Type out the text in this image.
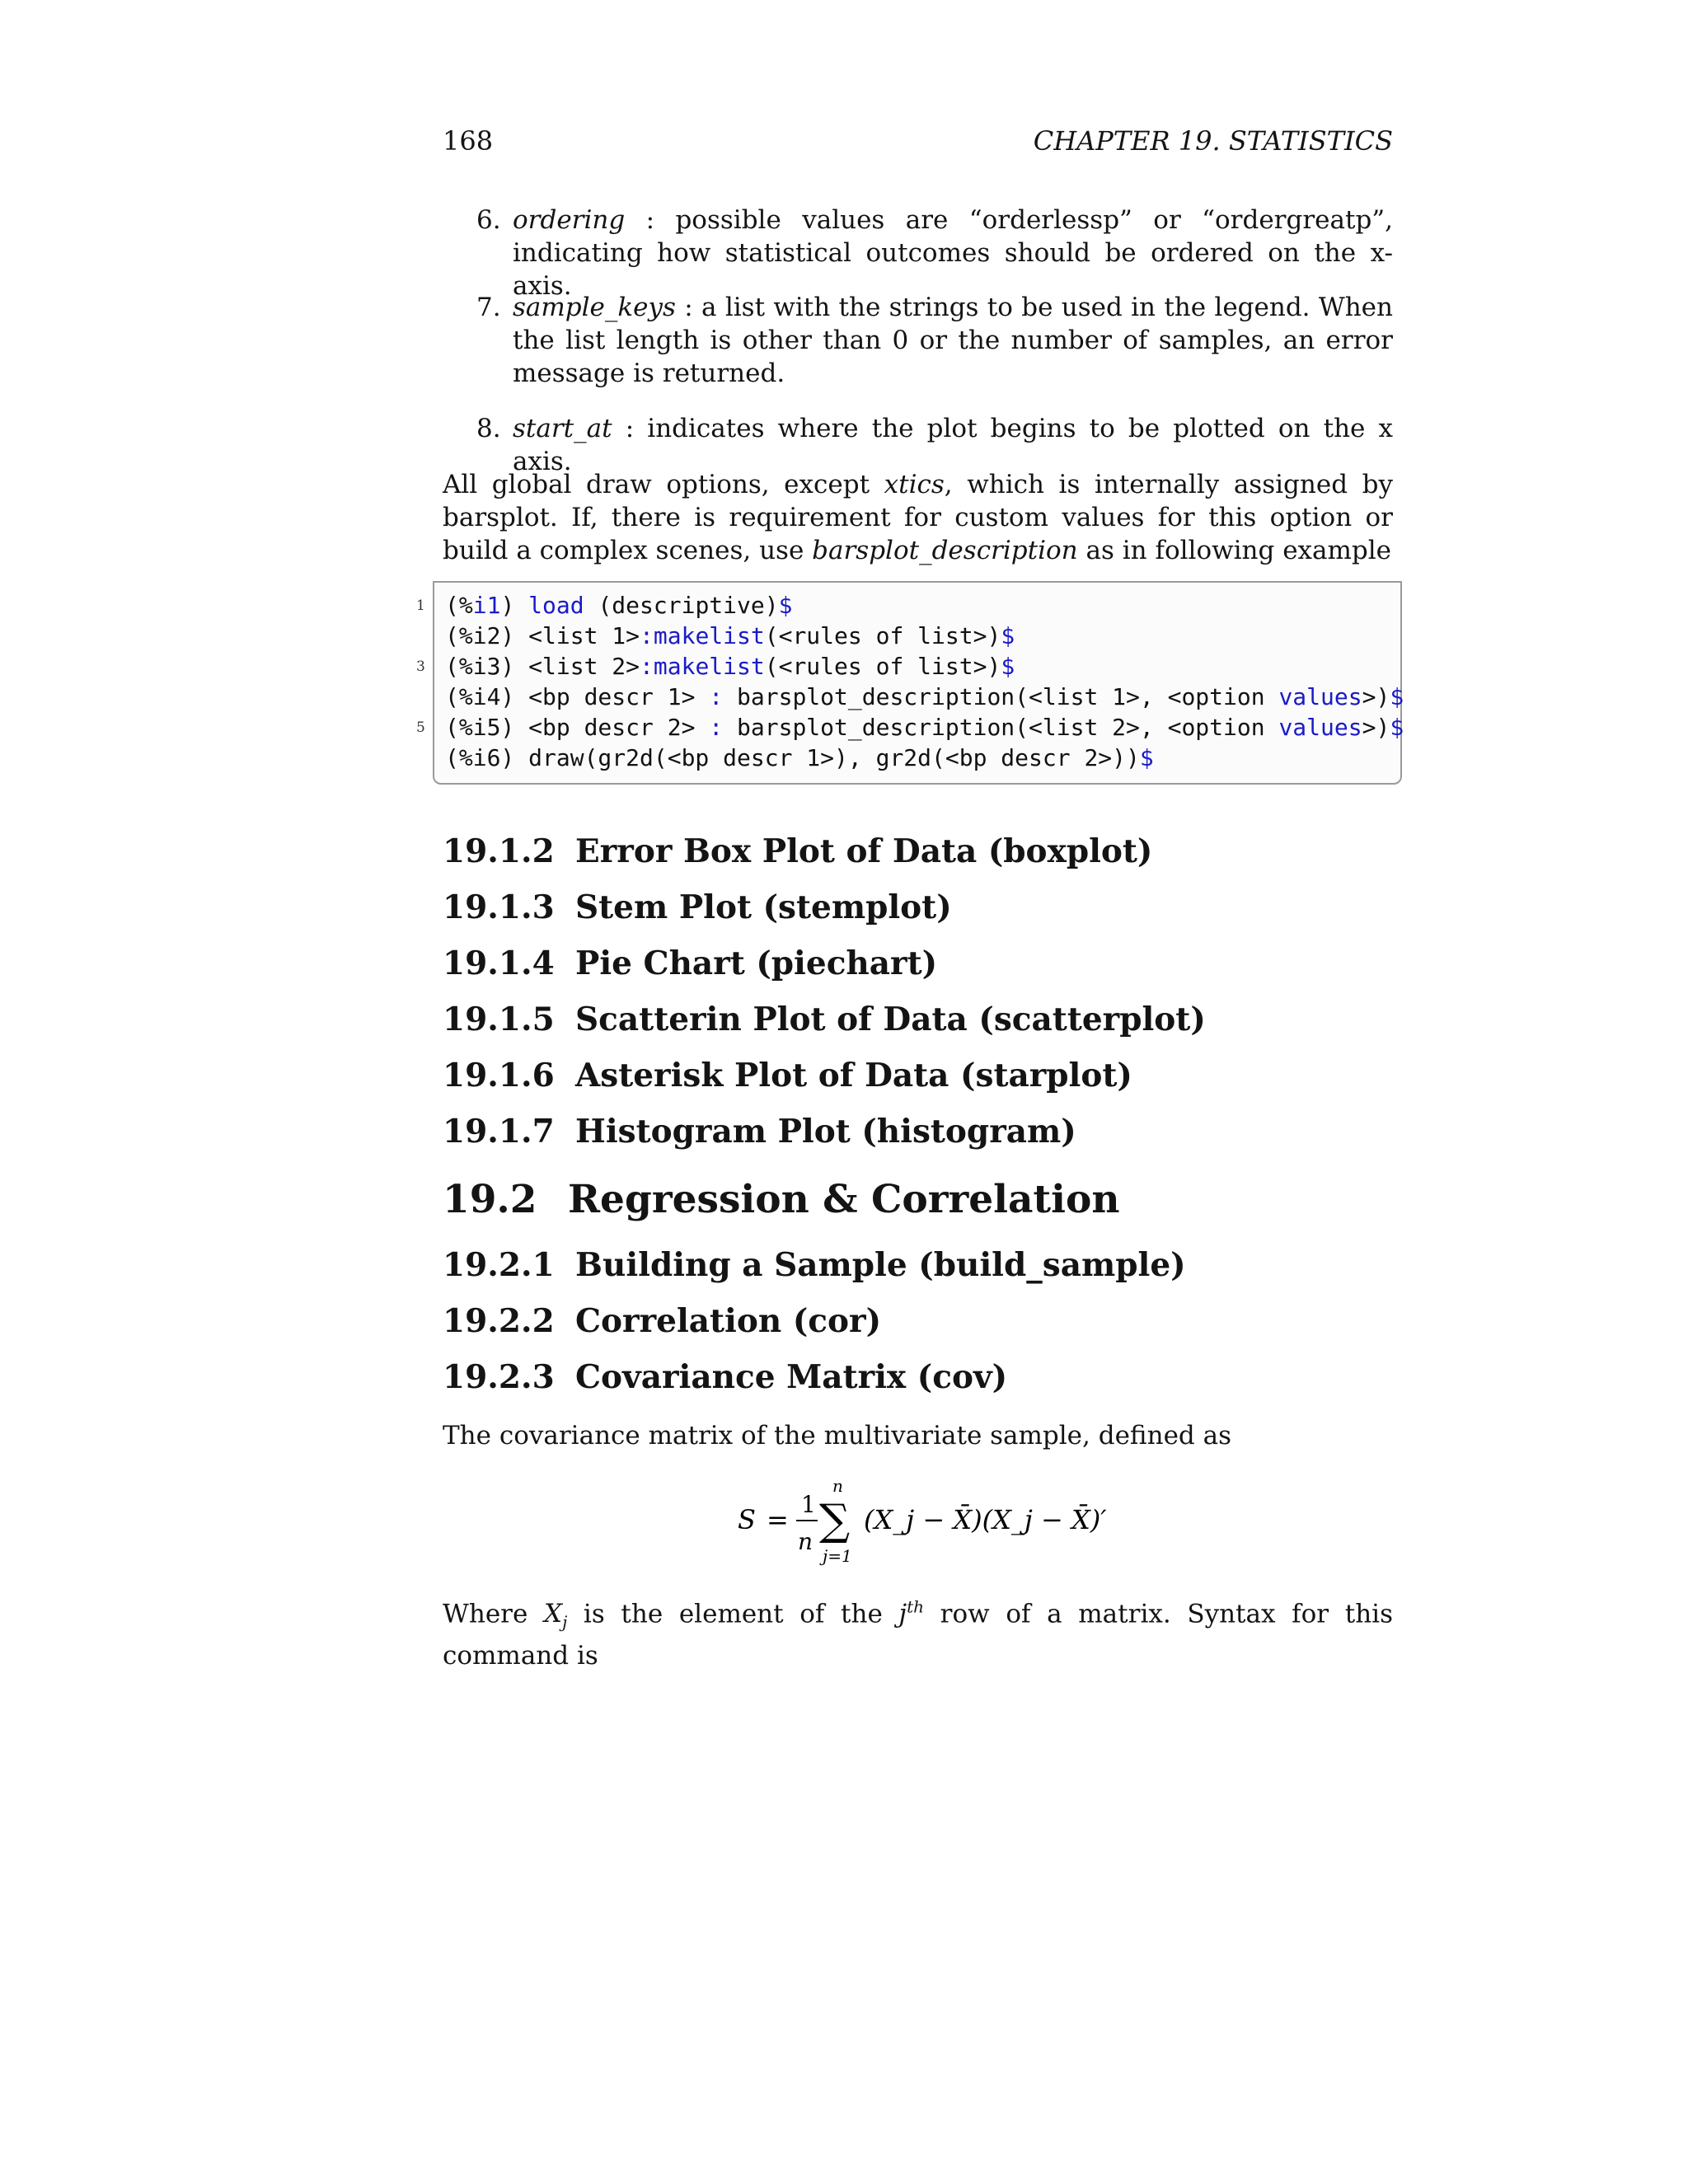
168	CHAPTER 19. STATISTICS
6. ordering : possible values are “orderlessp” or “ordergreatp”, indicating how statistical outcomes should be ordered on the x-axis.
7. sample_keys : a list with the strings to be used in the legend. When the list length is other than 0 or the number of samples, an error message is returned.
8. start_at : indicates where the plot begins to be plotted on the x axis.
All global draw options, except xtics, which is internally assigned by barsplot. If, there is requirement for custom values for this option or build a complex scenes, use barsplot_description as in following example
1
3
5
(%i1) load (descriptive)$
(%i2) <list 1>:makelist(<rules of list>)$
(%i3) <list 2>:makelist(<rules of list>)$
(%i4) <bp descr 1> : barsplot_description(<list 1>, <option values>)$
(%i5) <bp descr 2> : barsplot_description(<list 2>, <option values>)$
(%i6) draw(gr2d(<bp descr 1>), gr2d(<bp descr 2>))$
19.1.2 Error Box Plot of Data (boxplot)
19.1.3 Stem Plot (stemplot)
19.1.4 Pie Chart (piechart)
19.1.5 Scatterin Plot of Data (scatterplot)
19.1.6 Asterisk Plot of Data (starplot)
19.1.7 Histogram Plot (histogram)
19.2 Regression & Correlation
19.2.1 Building a Sample (build_sample)
19.2.2 Correlation (cor)
19.2.3 Covariance Matrix (cov)
The covariance matrix of the multivariate sample, defined as
S = 1
n
n
∑
j=1
(X_j − X̄)(X_j − X̄)′
Where $X_j$ is the element of the $j^{th}$ row of a matrix. Syntax for this command is
